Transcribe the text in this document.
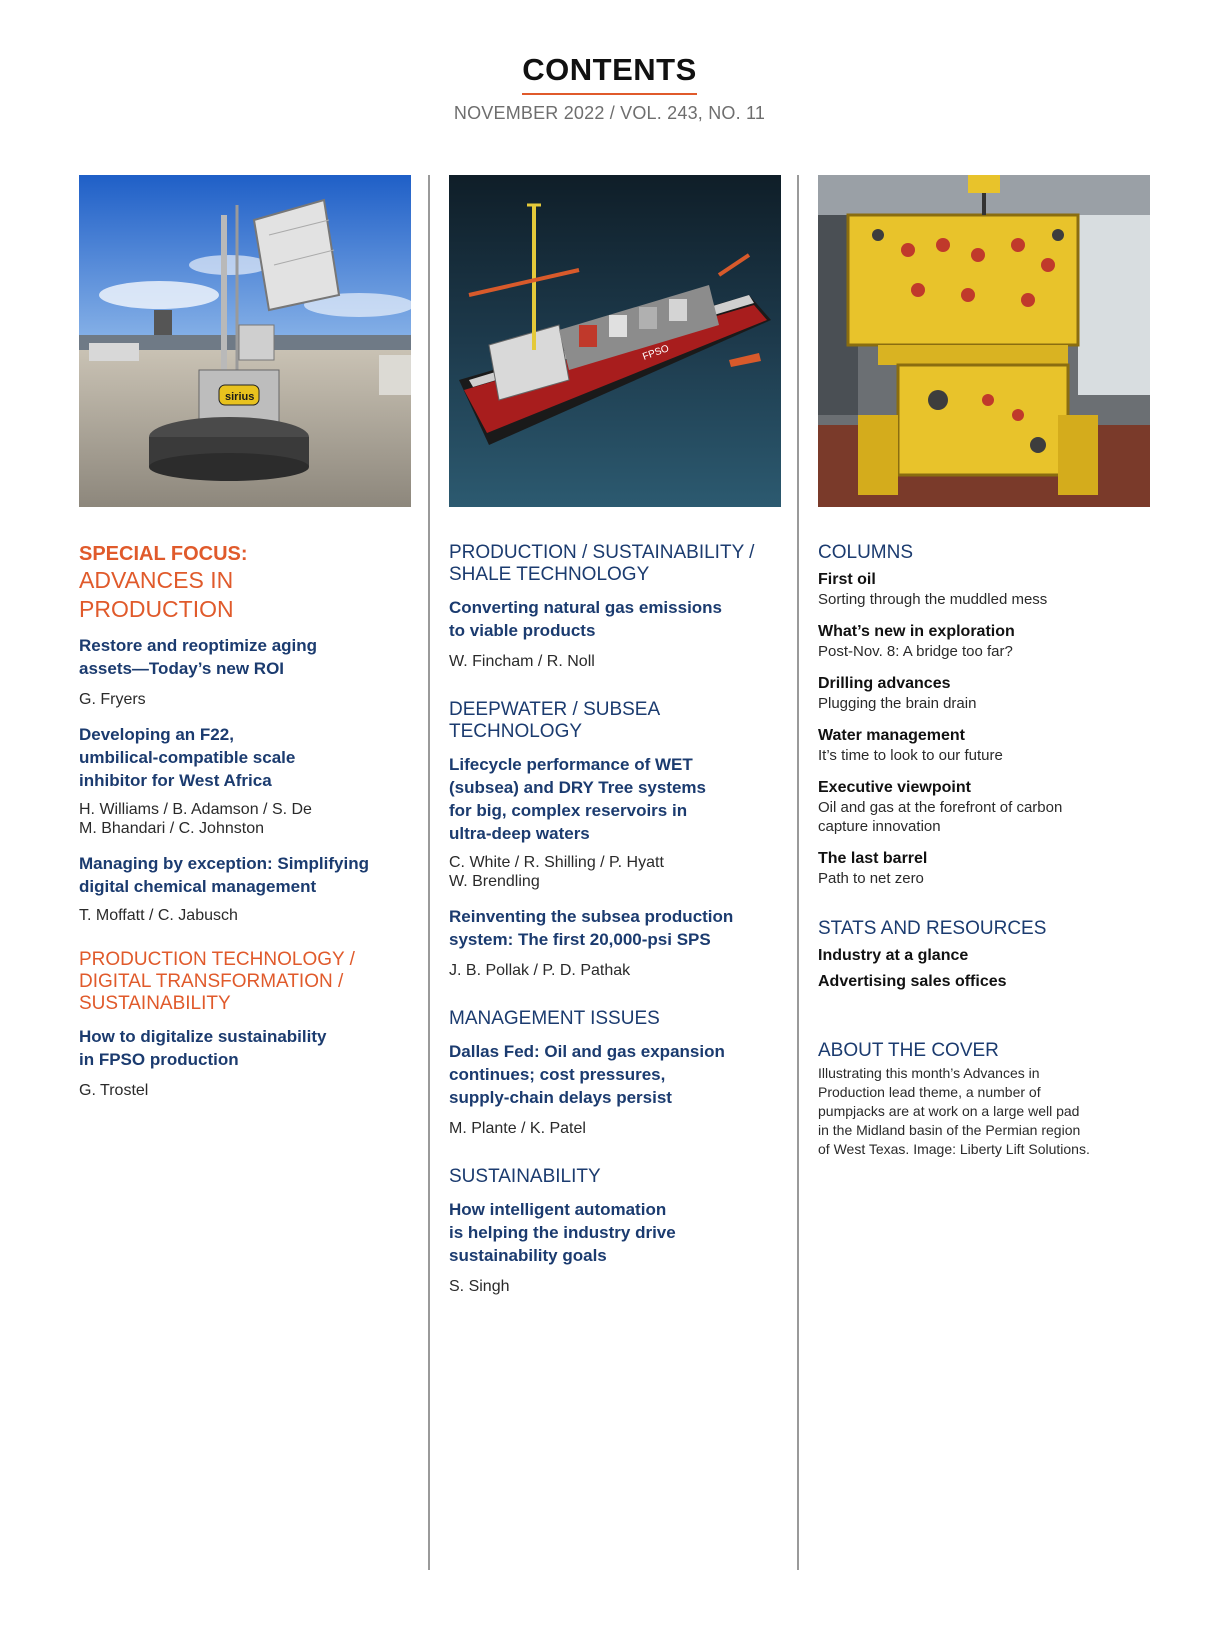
CONTENTS
NOVEMBER 2022 / VOL. 243, NO. 11
sirius

SPECIAL FOCUS:

ADVANCES IN
PRODUCTION

Restore and reoptimize aging

assets—Today’s new ROI

G. Fryers

Developing an F22,

umbilical-compatible scale

inhibitor for West Africa

H. Williams / B. Adamson / S. De

M. Bhandari / C. Johnston

Managing by exception: Simplifying

digital chemical management

T. Moffatt / C. Jabusch

PRODUCTION TECHNOLOGY /

DIGITAL TRANSFORMATION /

SUSTAINABILITY

How to digitalize sustainability

in FPSO production

G. Trostel

FPSO

PRODUCTION / SUSTAINABILITY /

SHALE TECHNOLOGY

Converting natural gas emissions

to viable products

W. Fincham / R. Noll

DEEPWATER / SUBSEA

TECHNOLOGY

Lifecycle performance of WET

(subsea) and DRY Tree systems

for big, complex reservoirs in

ultra-deep waters

C. White / R. Shilling / P. Hyatt

W. Brendling

Reinventing the subsea production

system: The first 20,000-psi SPS

J. B. Pollak / P. D. Pathak

MANAGEMENT ISSUES

Dallas Fed: Oil and gas expansion

continues; cost pressures,

supply-chain delays persist

M. Plante / K. Patel

SUSTAINABILITY

How intelligent automation

is helping the industry drive

sustainability goals

S. Singh

COLUMNS

First oil

Sorting through the muddled mess

What’s new in exploration

Post-Nov. 8: A bridge too far?

Drilling advances

Plugging the brain drain

Water management

It’s time to look to our future

Executive viewpoint

Oil and gas at the forefront of carbon

capture innovation

The last barrel

Path to net zero

STATS AND RESOURCES

Industry at a glance

Advertising sales offices

ABOUT THE COVER

Illustrating this month’s Advances in

Production lead theme, a number of

pumpjacks are at work on a large well pad

in the Midland basin of the Permian region

of West Texas. Image: Liberty Lift Solutions.
